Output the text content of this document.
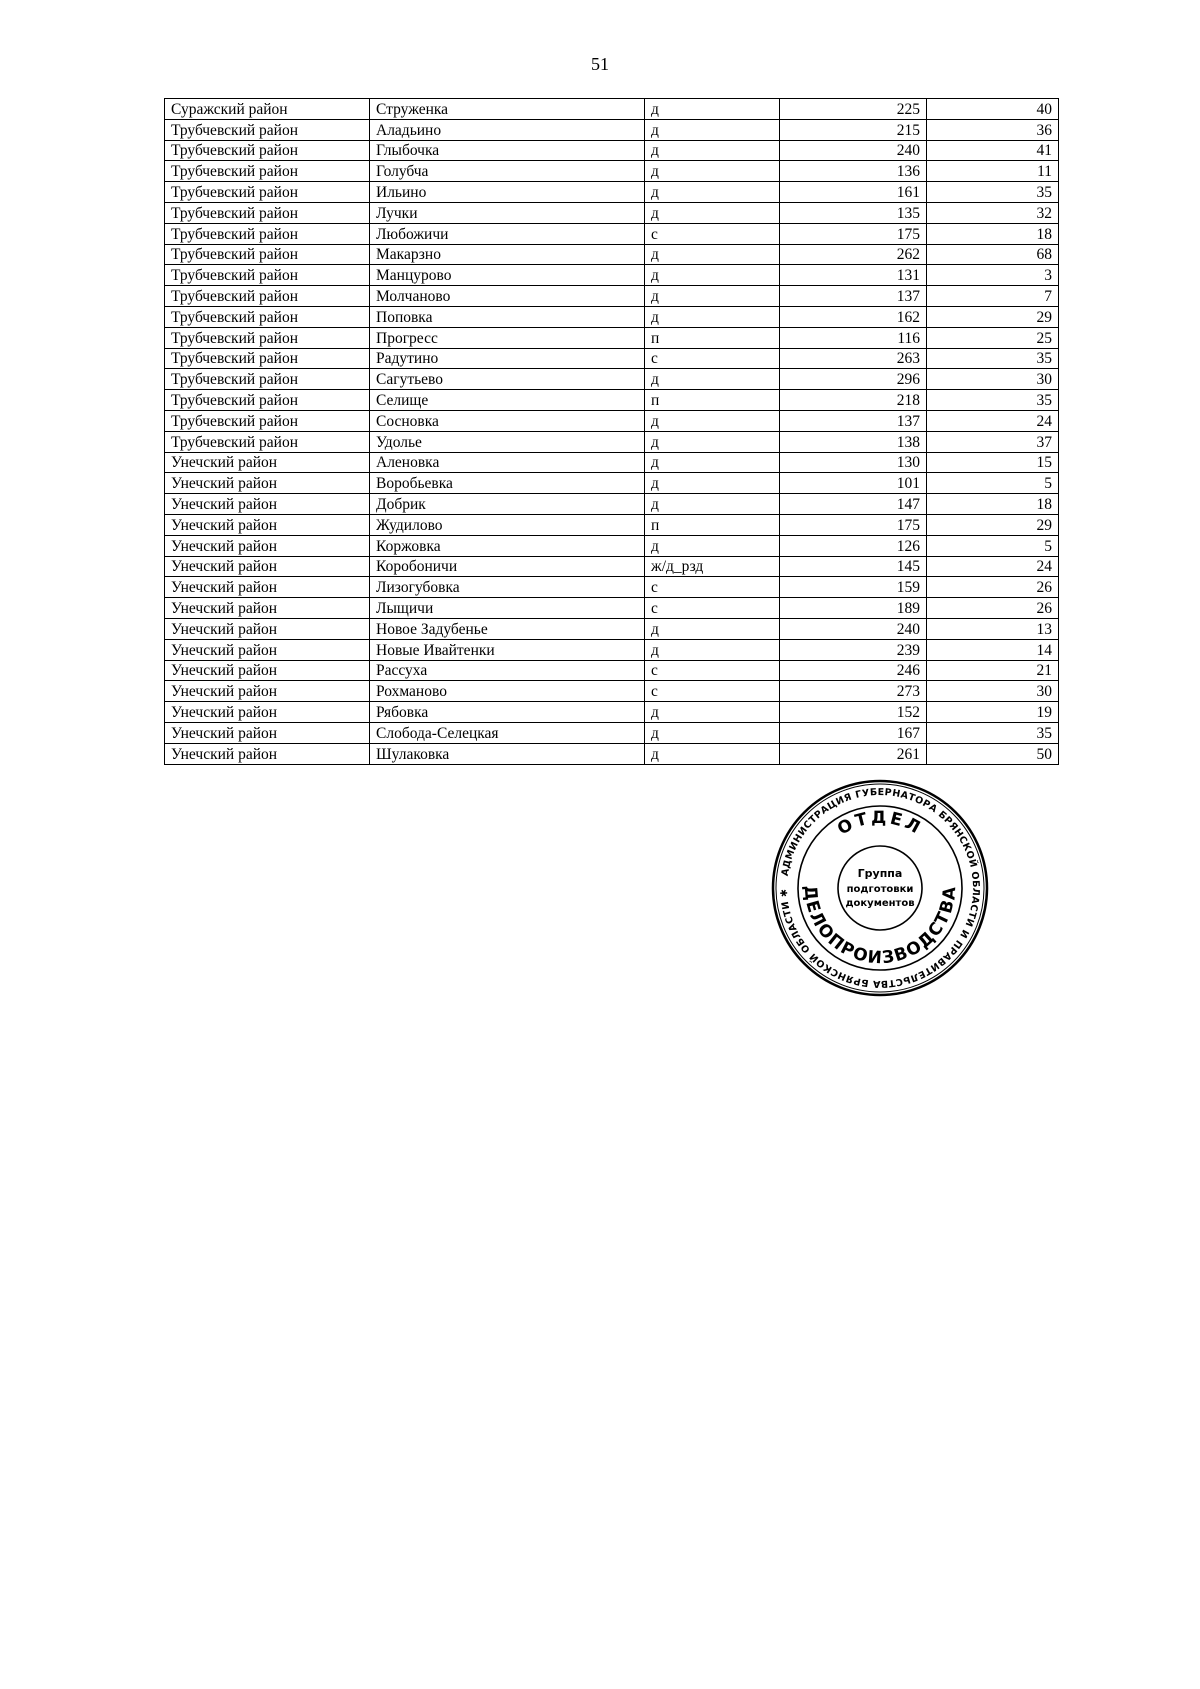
51
Суражский район	Струженка	д	225	40
Трубчевский район	Аладьино	д	215	36
Трубчевский район	Глыбочка	д	240	41
Трубчевский район	Голубча	д	136	11
Трубчевский район	Ильино	д	161	35
Трубчевский район	Лучки	д	135	32
Трубчевский район	Любожичи	с	175	18
Трубчевский район	Макарзно	д	262	68
Трубчевский район	Манцурово	д	131	3
Трубчевский район	Молчаново	д	137	7
Трубчевский район	Поповка	д	162	29
Трубчевский район	Прогресс	п	116	25
Трубчевский район	Радутино	с	263	35
Трубчевский район	Сагутьево	д	296	30
Трубчевский район	Селище	п	218	35
Трубчевский район	Сосновка	д	137	24
Трубчевский район	Удолье	д	138	37
Унечский район	Аленовка	д	130	15
Унечский район	Воробьевка	д	101	5
Унечский район	Добрик	д	147	18
Унечский район	Жудилово	п	175	29
Унечский район	Коржовка	д	126	5
Унечский район	Коробоничи	ж/д_рзд	145	24
Унечский район	Лизогубовка	с	159	26
Унечский район	Лыщичи	с	189	26
Унечский район	Новое Задубенье	д	240	13
Унечский район	Новые Ивайтенки	д	239	14
Унечский район	Рассуха	с	246	21
Унечский район	Рохманово	с	273	30
Унечский район	Рябовка	д	152	19
Унечский район	Слобода-Селецкая	д	167	35
Унечский район	Шулаковка	д	261	50
АДМИНИСТРАЦИЯ ГУБЕРНАТОРА БРЯНСКОЙ ОБЛАСТИ И ПРАВИТЕЛЬСТВА БРЯНСКОЙ ОБЛАСТИ ✱
ОТДЕЛ
ДЕЛОПРОИЗВОДСТВА
Группа
подготовки
документов
